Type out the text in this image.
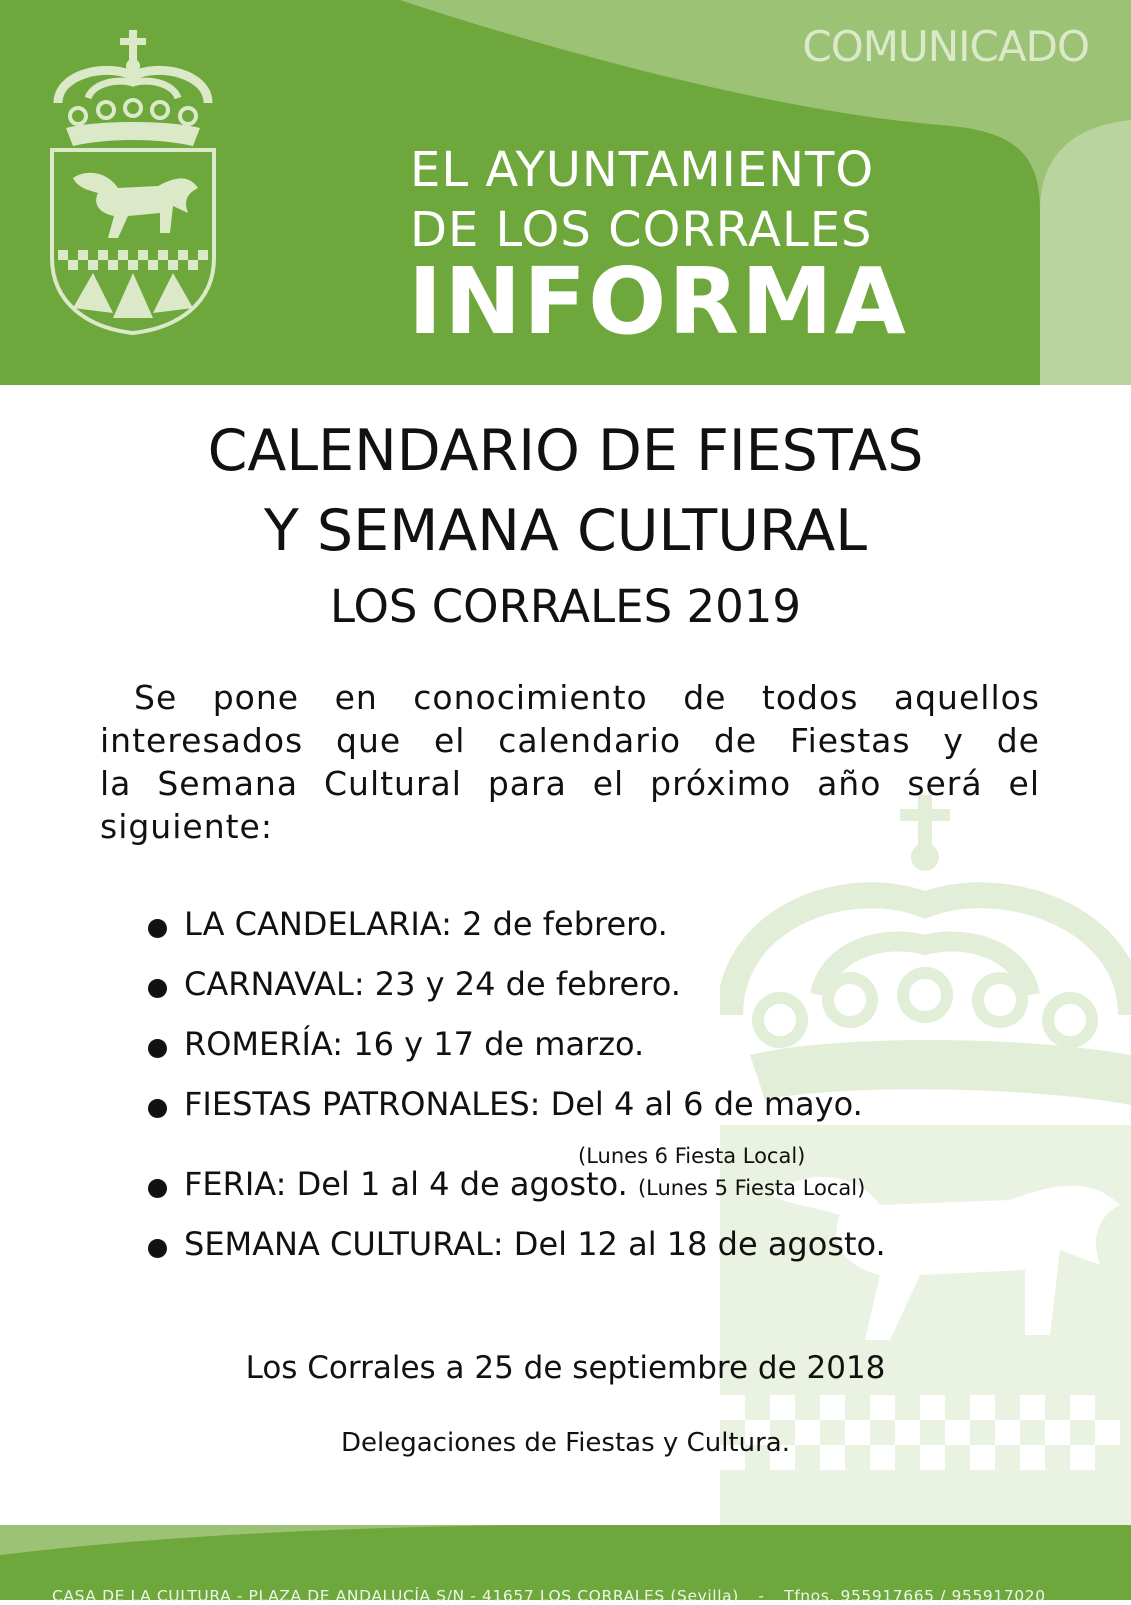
COMUNICADO
EL AYUNTAMIENTO
DE LOS CORRALES
INFORMA
CALENDARIO DE FIESTAS
Y SEMANA CULTURAL
LOS CORRALES 2019
Se pone en conocimiento de todos aquellos
interesados que el calendario de Fiestas y de
la Semana Cultural para el próximo año será el
siguiente:
LA CANDELARIA: 2 de febrero.
CARNAVAL: 23 y 24 de febrero.
ROMERÍA: 16 y 17 de marzo.
FIESTAS PATRONALES: Del 4 al 6 de mayo.
FERIA: Del 1 al 4 de agosto. (Lunes 5 Fiesta Local)
SEMANA CULTURAL: Del 12 al 18 de agosto.
(Lunes 6 Fiesta Local)
Los Corrales a 25 de septiembre de 2018
Delegaciones de Fiestas y Cultura.
CASA DE LA CULTURA - PLAZA DE ANDALUCÍA S/N - 41657 LOS CORRALES (Sevilla) - Tfnos. 955917665 / 955917020
